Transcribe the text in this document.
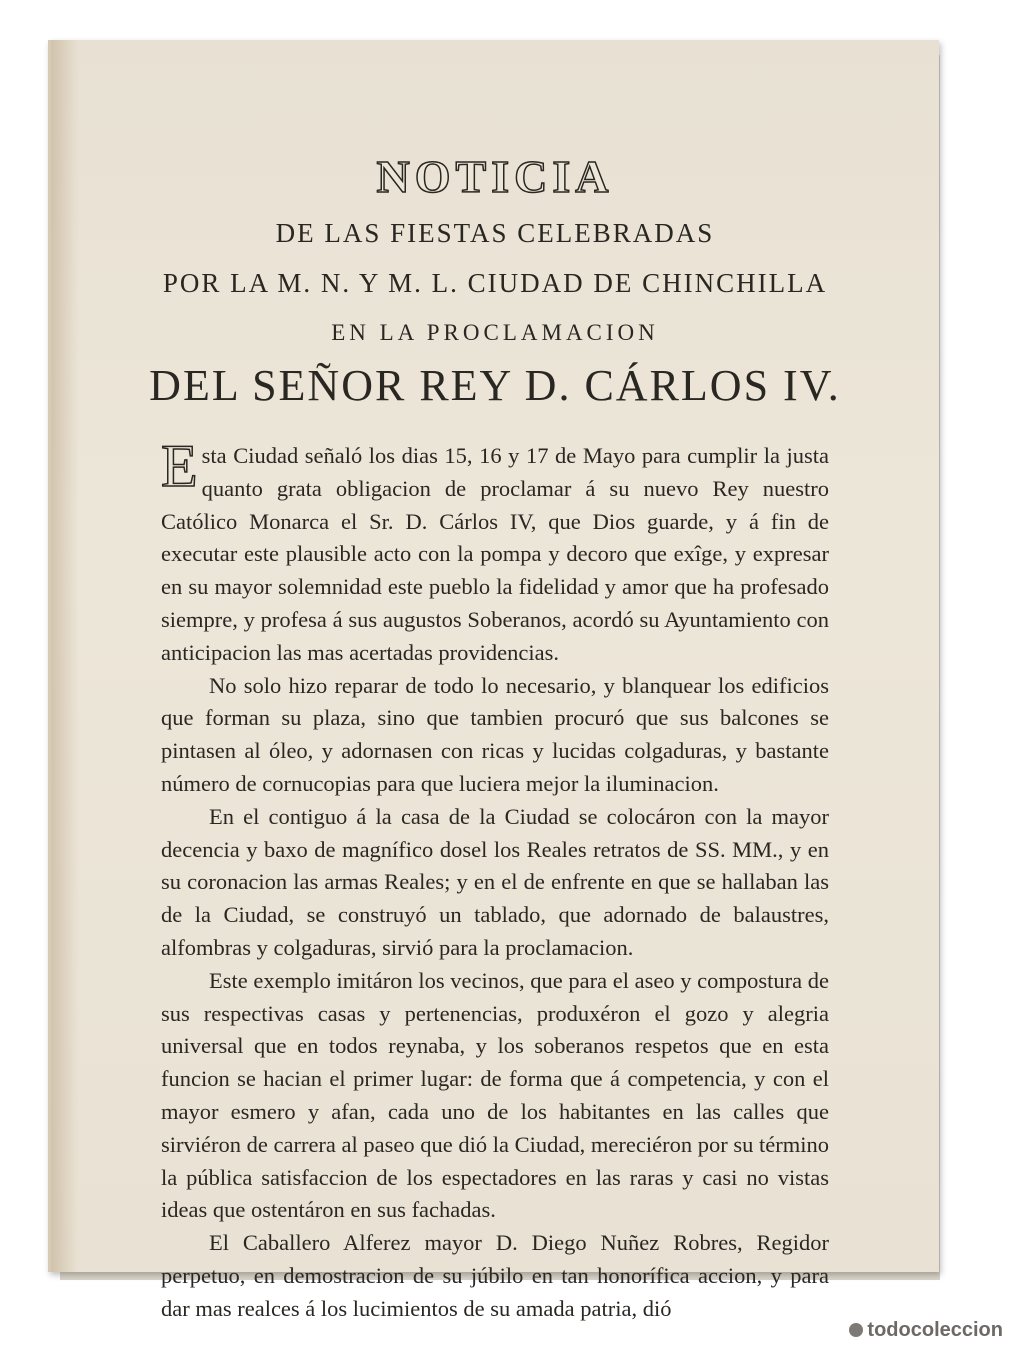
NOTICIA
DE LAS FIESTAS CELEBRADAS
POR LA M. N. Y M. L. CIUDAD DE CHINCHILLA
EN LA PROCLAMACION
DEL SEÑOR REY D. CÁRLOS IV.

Esta Ciudad señaló los dias 15, 16 y 17 de Mayo para cumplir la justa quanto grata obligacion de proclamar á su nuevo Rey nuestro Católico Monarca el Sr. D. Cárlos IV, que Dios guarde, y á fin de executar este plausible acto con la pompa y decoro que exîge, y expresar en su mayor solemnidad este pueblo la fidelidad y amor que ha profesado siempre, y profesa á sus augustos Soberanos, acordó su Ayuntamiento con anticipacion las mas acertadas providencias.

No solo hizo reparar de todo lo necesario, y blanquear los edificios que forman su plaza, sino que tambien procuró que sus balcones se pintasen al óleo, y adornasen con ricas y lucidas colgaduras, y bastante número de cornucopias para que luciera mejor la iluminacion.

En el contiguo á la casa de la Ciudad se colocáron con la mayor decencia y baxo de magnífico dosel los Reales retratos de SS. MM., y en su coronacion las armas Reales; y en el de enfrente en que se hallaban las de la Ciudad, se construyó un tablado, que adornado de balaustres, alfombras y colgaduras, sirvió para la proclamacion.

Este exemplo imitáron los vecinos, que para el aseo y compostura de sus respectivas casas y pertenencias, produxéron el gozo y alegria universal que en todos reynaba, y los soberanos respetos que en esta funcion se hacian el primer lugar: de forma que á competencia, y con el mayor esmero y afan, cada uno de los habitantes en las calles que sirviéron de carrera al paseo que dió la Ciudad, mereciéron por su término la pública satisfaccion de los espectadores en las raras y casi no vistas ideas que ostentáron en sus fachadas.

El Caballero Alferez mayor D. Diego Nuñez Robres, Regidor perpetuo, en demostracion de su júbilo en tan honorífica accion, y para dar mas realces á los lucimientos de su amada patria, dió

todocoleccion
